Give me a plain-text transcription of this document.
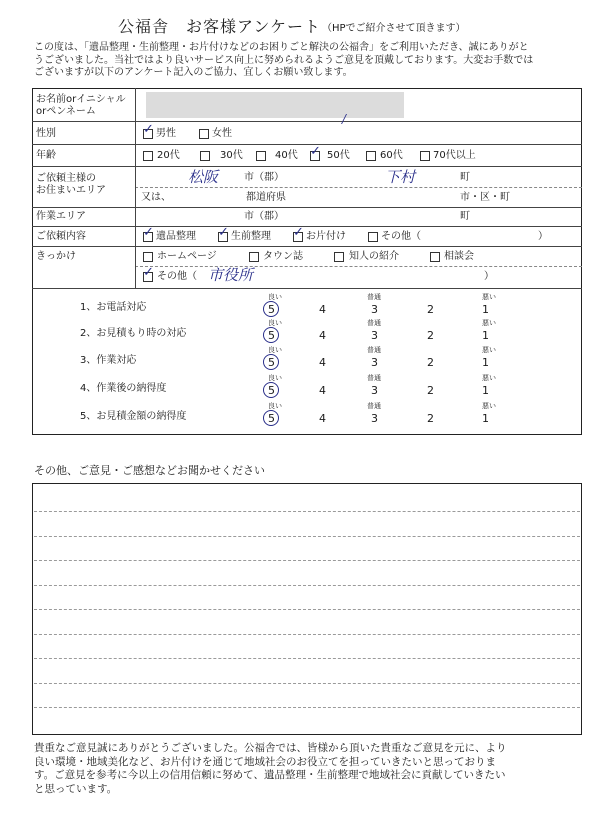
公福舎　お客様アンケート （HPでご紹介させて頂きます）
この度は、「遺品整理・生前整理・お片付けなどのお困りごと解決の公福舎」をご利用いただき、誠にありがと
うございました。当社ではより良いサービス向上に努められるようご意見を頂戴しております。大変お手数では
ございますが以下のアンケート記入のご協力、宜しくお願い致します。
お名前orイニシャル
orペンネーム
性別	✓ 男性	女性
/
年齢	20代	30代	40代 ✓ 50代	60代	70代以上
ご依頼主様の
お住まいエリア
松阪	市（郡）	下村	町
又は、	都道府県	市・区・町
作業エリア	市（郡）	町
ご依頼内容	✓ 遺品整理 ✓ 生前整理 ✓ お片付け	その他（	）
きっかけ	ホームページ	タウン誌	知人の紹介	相談会
✓ その他（ 市役所	）
1、お電話対応
良い	普通	悪い
5	4	3	2	1
2、お見積もり時の対応
良い	普通	悪い
5	4	3	2	1
3、作業対応
良い	普通	悪い
5	4	3	2	1
4、作業後の納得度
良い	普通	悪い
5	4	3	2	1
5、お見積金額の納得度
良い	普通	悪い
5	4	3	2	1
その他、ご意見・ご感想などお聞かせください
貴重なご意見誠にありがとうございました。公福舎では、皆様から頂いた貴重なご意見を元に、より
良い環境・地域美化など、お片付けを通じて地域社会のお役立てを担っていきたいと思っておりま
す。ご意見を参考に今以上の信用信頼に努めて、遺品整理・生前整理で地域社会に貢献していきたい
と思っています。
